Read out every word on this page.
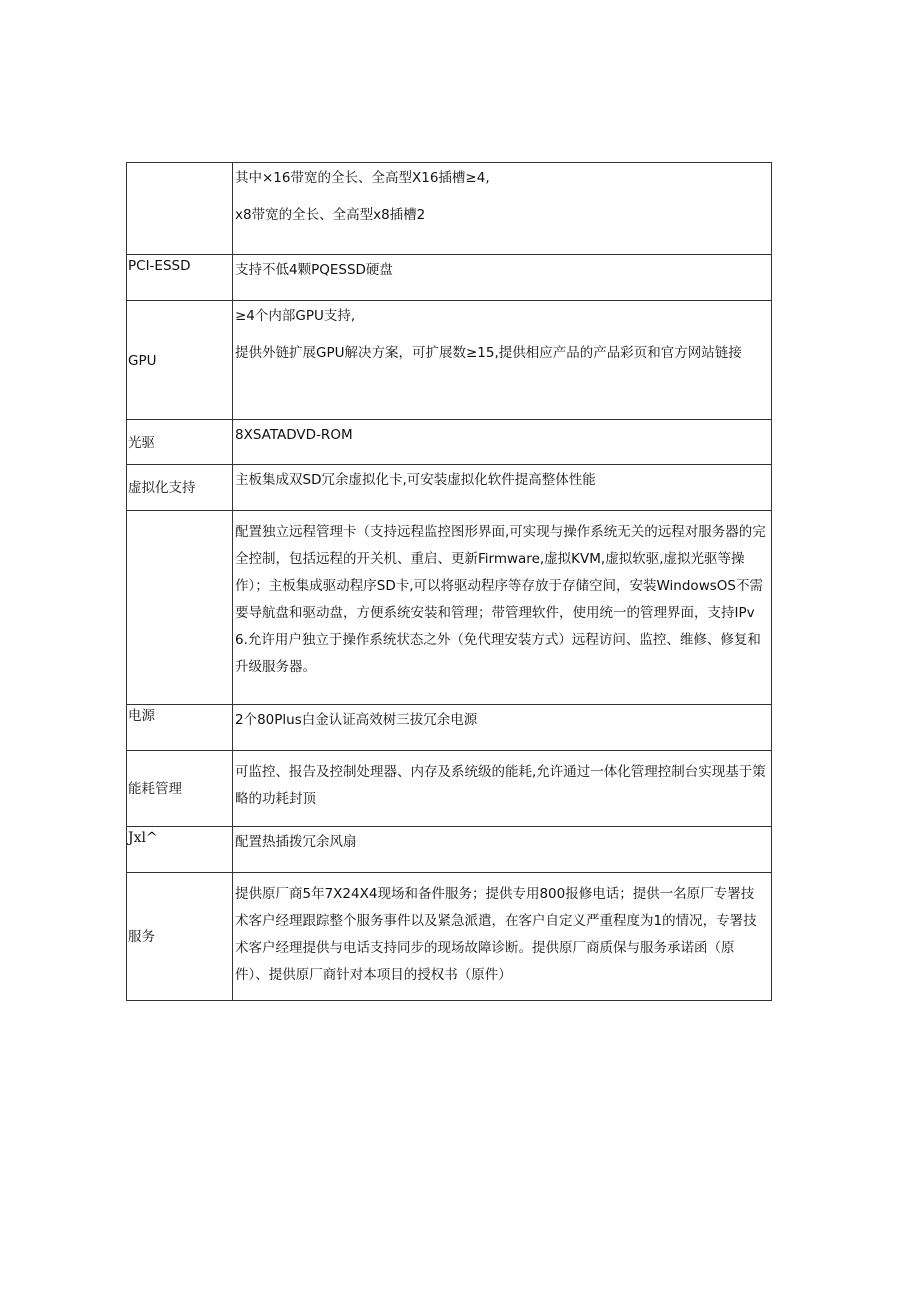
	其中×16带宽的全长、全高型X16插槽≥4,

x8带宽的全长、全高型x8插槽2

PCI-ESSD	支持不低4颗PQESSD硬盘

GPU	≥4个内部GPU支持,

提供外链扩展GPU解决方案，可扩展数≥15,提供相应产品的产品彩页和官方网站链接

光驱	8XSATADVD-ROM

虚拟化支持	主板集成双SD冗余虚拟化卡,可安装虚拟化软件提高整体性能

	配置独立远程管理卡（支持远程监控图形界面,可实现与操作系统无关的远程对服务器的完全控制，包括远程的开关机、重启、更新Firmware,虚拟KVM,虚拟软驱,虚拟光驱等操作）；主板集成驱动程序SD卡,可以将驱动程序等存放于存储空间，安装WindowsOS不需要导航盘和驱动盘，方便系统安装和管理；带管理软件，使用统一的管理界面，支持IPv6.允许用户独立于操作系统状态之外（免代理安装方式）远程访问、监控、维修、修复和升级服务器。

电源	2个80Plus白金认证高效树三拔冗余电源

能耗管理	可监控、报告及控制处理器、内存及系统级的能耗,允许通过一体化管理控制台实现基于策略的功耗封顶

Jxl^	配置热插拨冗余风扇

服务	提供原厂商5年7X24X4现场和备件服务；提供专用800报修电话；提供一名原厂专署技术客户经理跟踪整个服务事件以及紧急派遣，在客户自定义严重程度为1的情况，专署技术客户经理提供与电话支持同步的现场故障诊断。提供原厂商质保与服务承诺函（原件）、提供原厂商针对本项目的授权书（原件）
